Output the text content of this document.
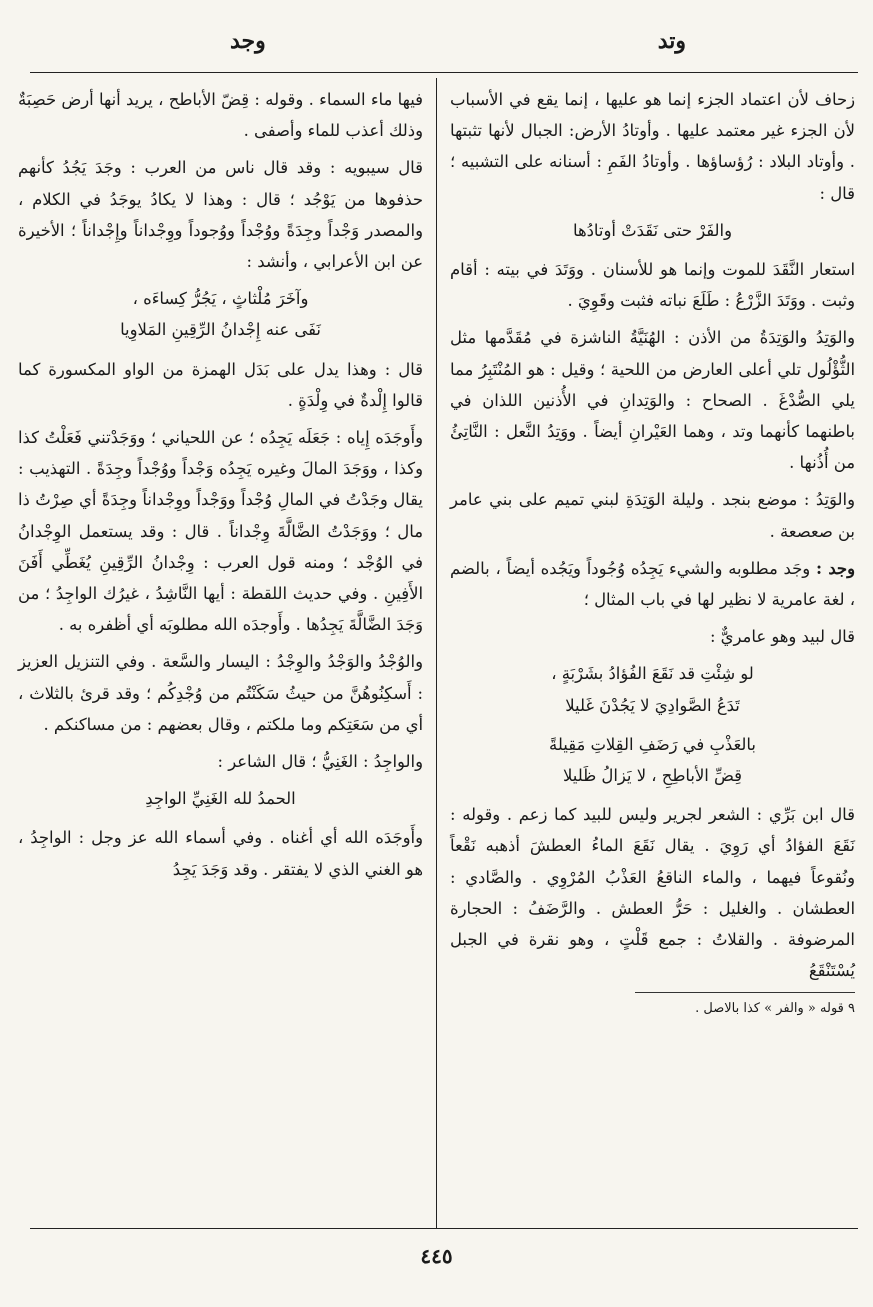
وتد
وجد

زحاف لأن اعتماد الجزء إنما هو عليها ، إنما يقع في الأسباب لأن الجزء غير معتمد عليها . وأوتادُ الأرض: الجبال لأنها تثبتها . وأوتاد البلاد : رُؤساؤها . وأوتادُ الفَمِ : أسنانه على التشبيه ؛ قال :

والفَرْ حتى نَقَدَتْ أوتادُها

استعار النَّقَدَ للموت وإنما هو للأسنان . ووَتَدَ في بيته : أقام وثبت . ووَتَدَ الزَّرْعُ : طَلَعَ نباته فثبت وقَوِيَ .

والوَتِدُ والوَتِدَةُ من الأذن : الهُنَيَّةُ الناشزة في مُقَدَّمها مثل الثُّؤْلُول تلي أعلى العارض من اللحية ؛ وقيل : هو المُنْتَبِرُ مما يلي الصُّدْغَ . الصحاح : والوَتِدانِ في الأُذنين اللذان في باطنهما كأنهما وتد ، وهما العَيْرانِ أيضاً . ووَتِدُ النَّعل : النَّاتِئُ من أُذُنها .

والوَتِدُ : موضع بنجد . وليلة الوَتِدَةِ لبني تميم على بني عامر بن صعصعة .

وجد : وجَد مطلوبه والشيء يَجِدُه وُجُوداً ويَجُده أيضاً ، بالضم ، لغة عامرية لا نظير لها في باب المثال ؛

قال لبيد وهو عامريٌّ :

لو شِئْتِ قد نَقَعَ الفُؤادُ بشَرْبَةٍ ،
تَدَعُ الصَّوادِيَ لا يَجُدْنَ غَليلا
بالعَذْبِ في رَضَفِ القِلاتِ مَقِيلةً
قِضِّ الأباطِحِ ، لا يَزالُ ظَليلا

قال ابن بَرِّي : الشعر لجرير وليس للبيد كما زعم . وقوله : نَقَعَ الفؤادُ أي رَوِيَ . يقال نَقَعَ الماءُ العطشَ أذهبه نَقْعاً ونُقوعاً فيهما ، والماء الناقعُ العَذْبُ المُرْوِي . والصَّادي : العطشان . والغليل : حَرُّ العطش . والرَّضَفُ : الحجارة المرضوفة . والقلاتُ : جمع قَلْتٍ ، وهو نقرة في الجبل يُسْتَنْقَعُ

٩ قوله « والفر » كذا بالاصل .

فيها ماء السماء . وقوله : قِضّ الأباطح ، يريد أنها أرض حَصِبَةٌ وذلك أعذب للماء وأصفى .

قال سيبويه : وقد قال ناس من العرب : وجَدَ يَجُدُ كأنهم حذفوها من يَوْجُد ؛ قال : وهذا لا يكادُ يوجَدُ في الكلام ، والمصدر وَجْداً وجِدَةً ووُجْداً ووُجوداً ووِجْداناً وإِجْداناً ؛ الأخيرة عن ابن الأعرابي ، وأنشد :

وآخَرَ مُلْثاثٍ ، يَجُرُّ كِساءَه ،
نَفَى عنه إِجْدانُ الرِّقِينِ المَلاوِيا

قال : وهذا يدل على بَدَل الهمزة من الواو المكسورة كما قالوا إِلْدةٌ في وِلْدَةٍ .

وأَوجَدَه إِياه : جَعَلَه يَجِدُه ؛ عن اللحياني ؛ ووَجَدْتني فَعَلْتُ كذا وكذا ، ووَجَدَ المالَ وغيره يَجِدُه وَجْداً ووُجْداً وجِدَةً . التهذيب : يقال وجَدْتُ في المالِ وُجْداً ووَجْداً ووِجْداناً وجِدَةً أي صِرْتُ ذا مال ؛ ووَجَدْتُ الضَّالَّةَ وِجْداناً . قال : وقد يستعمل الوِجْدانُ في الوُجْد ؛ ومنه قول العرب : وِجْدانُ الرِّقِينِ يُغَطِّي أَفَنَ الأَفِينِ . وفي حديث اللقطة : أيها النَّاشِدُ ، غيرُك الواجِدُ ؛ من وَجَدَ الضَّالَّةَ يَجِدُها . وأَوجدَه الله مطلوبَه أي أظفره به .

والوُجْدُ والوَجْدُ والوِجْدُ : اليسار والسَّعة . وفي التنزيل العزيز : أَسكِنُوهُنَّ من حيثُ سَكَنْتُم من وُجْدِكُم ؛ وقد قرئ بالثلاث ، أي من سَعَتِكم وما ملكتم ، وقال بعضهم : من مساكنكم .

والواجِدُ : الغَنِيُّ ؛ قال الشاعر :

الحمدُ لله الغَنِيِّ الواجِدِ

وأَوجَدَه الله أي أغناه . وفي أسماء الله عز وجل : الواجِدُ ، هو الغني الذي لا يفتقر . وقد وَجَدَ يَجِدُ

٤٤٥
